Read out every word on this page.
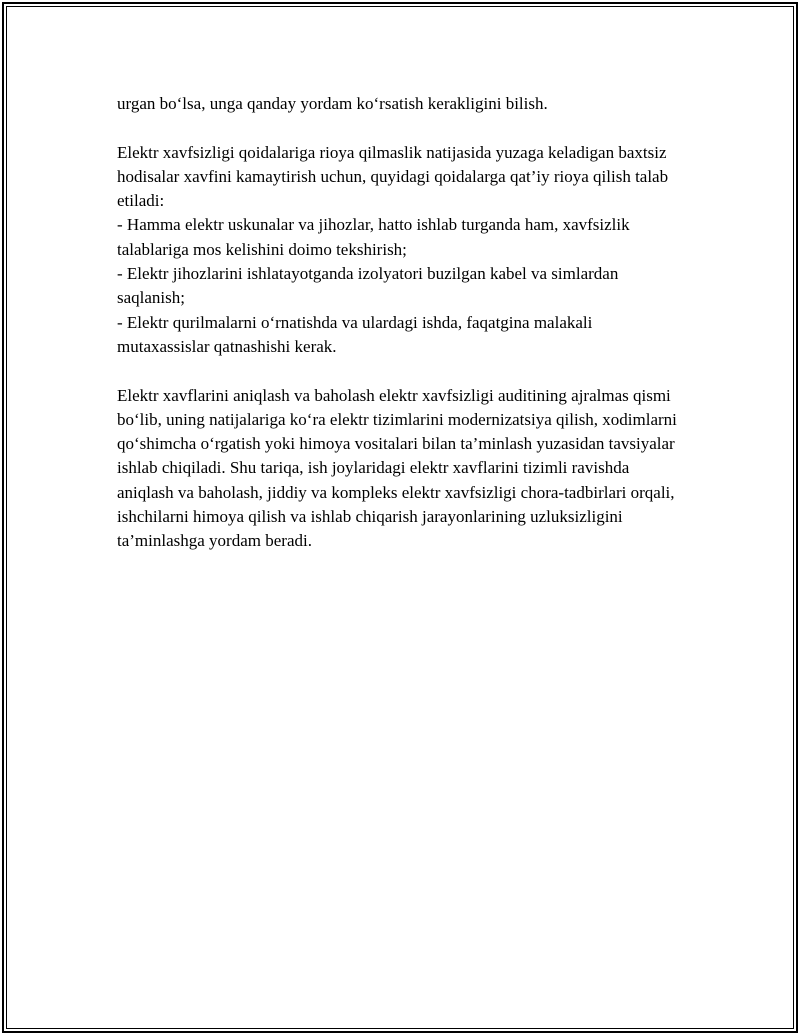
urgan bo‘lsa, unga qanday yordam ko‘rsatish kerakligini bilish.

Elektr xavfsizligi qoidalariga rioya qilmaslik natijasida yuzaga keladigan baxtsiz hodisalar xavfini kamaytirish uchun, quyidagi qoidalarga qat’iy rioya qilish talab etiladi:

- Hamma elektr uskunalar va jihozlar, hatto ishlab turganda ham, xavfsizlik talablariga mos kelishini doimo tekshirish;
- Elektr jihozlarini ishlatayotganda izolyatori buzilgan kabel va simlardan saqlanish;
- Elektr qurilmalarni o‘rnatishda va ulardagi ishda, faqatgina malakali mutaxassislar qatnashishi kerak.

Elektr xavflarini aniqlash va baholash elektr xavfsizligi auditining ajralmas qismi bo‘lib, uning natijalariga ko‘ra elektr tizimlarini modernizatsiya qilish, xodimlarni qo‘shimcha o‘rgatish yoki himoya vositalari bilan ta’minlash yuzasidan tavsiyalar ishlab chiqiladi. Shu tariqa, ish joylaridagi elektr xavflarini tizimli ravishda aniqlash va baholash, jiddiy va kompleks elektr xavfsizligi chora-tadbirlari orqali, ishchilarni himoya qilish va ishlab chiqarish jarayonlarining uzluksizligini ta’minlashga yordam beradi.
